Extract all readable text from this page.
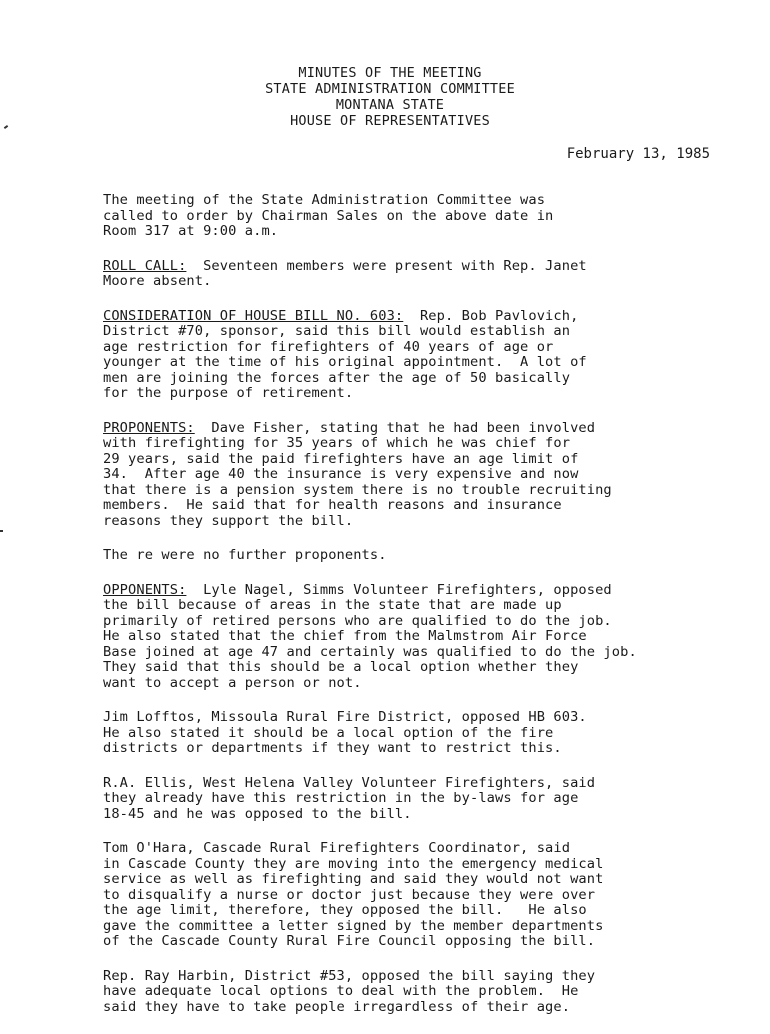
MINUTES OF THE MEETING
STATE ADMINISTRATION COMMITTEE
MONTANA STATE
HOUSE OF REPRESENTATIVES
February 13, 1985

The meeting of the State Administration Committee was
called to order by Chairman Sales on the above date in
Room 317 at 9:00 a.m.

ROLL CALL:  Seventeen members were present with Rep. Janet
Moore absent.

CONSIDERATION OF HOUSE BILL NO. 603:  Rep. Bob Pavlovich,
District #70, sponsor, said this bill would establish an
age restriction for firefighters of 40 years of age or
younger at the time of his original appointment.  A lot of
men are joining the forces after the age of 50 basically
for the purpose of retirement.

PROPONENTS:  Dave Fisher, stating that he had been involved
with firefighting for 35 years of which he was chief for
29 years, said the paid firefighters have an age limit of
34.  After age 40 the insurance is very expensive and now
that there is a pension system there is no trouble recruiting
members.  He said that for health reasons and insurance
reasons they support the bill.

The re were no further proponents.

OPPONENTS:  Lyle Nagel, Simms Volunteer Firefighters, opposed
the bill because of areas in the state that are made up
primarily of retired persons who are qualified to do the job.
He also stated that the chief from the Malmstrom Air Force
Base joined at age 47 and certainly was qualified to do the job.
They said that this should be a local option whether they
want to accept a person or not.

Jim Lofftos, Missoula Rural Fire District, opposed HB 603.
He also stated it should be a local option of the fire
districts or departments if they want to restrict this.

R.A. Ellis, West Helena Valley Volunteer Firefighters, said
they already have this restriction in the by-laws for age
18-45 and he was opposed to the bill.

Tom O'Hara, Cascade Rural Firefighters Coordinator, said
in Cascade County they are moving into the emergency medical
service as well as firefighting and said they would not want
to disqualify a nurse or doctor just because they were over
the age limit, therefore, they opposed the bill.   He also
gave the committee a letter signed by the member departments
of the Cascade County Rural Fire Council opposing the bill.

Rep. Ray Harbin, District #53, opposed the bill saying they
have adequate local options to deal with the problem.  He
said they have to take people irregardless of their age.
